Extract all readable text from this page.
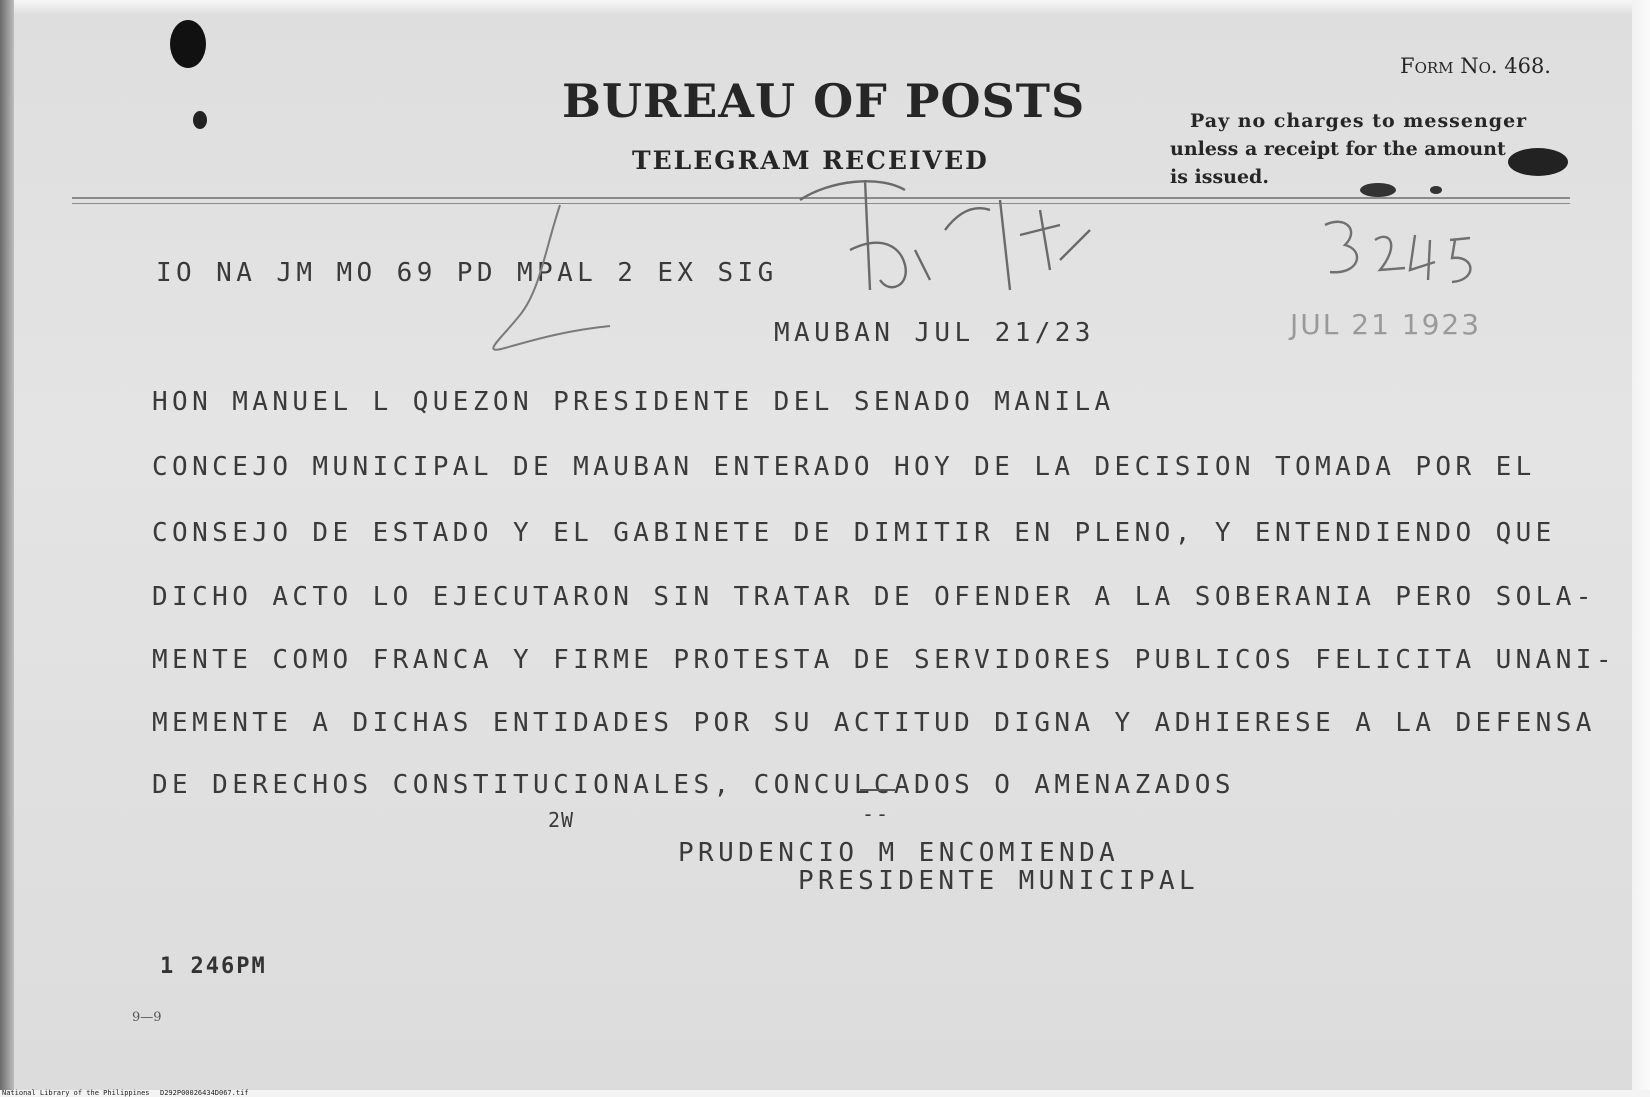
BUREAU OF POSTS
TELEGRAM RECEIVED
Form No. 468.
Pay no charges to messenger
unless a receipt for the amount
is issued.
IO NA JM MO 69 PD MPAL 2 EX SIG
MAUBAN JUL 21/23	JUL 21 1923
HON MANUEL L QUEZON PRESIDENTE DEL SENADO MANILA
CONCEJO MUNICIPAL DE MAUBAN ENTERADO HOY DE LA DECISION TOMADA POR EL
CONSEJO DE ESTADO Y EL GABINETE DE DIMITIR EN PLENO, Y ENTENDIENDO QUE
DICHO ACTO LO EJECUTARON SIN TRATAR DE OFENDER A LA SOBERANIA PERO SOLA-
MENTE COMO FRANCA Y FIRME PROTESTA DE SERVIDORES PUBLICOS FELICITA UNANI-
MEMENTE A DICHAS ENTIDADES POR SU ACTITUD DIGNA Y ADHIERESE A LA DEFENSA
DE DERECHOS CONSTITUCIONALES, CONCULCADOS O AMENAZADOS
2W	--
PRUDENCIO M ENCOMIENDA
PRESIDENTE MUNICIPAL
1 246PM
9—9
National Library of the Philippines D292P00026434D067.tif
